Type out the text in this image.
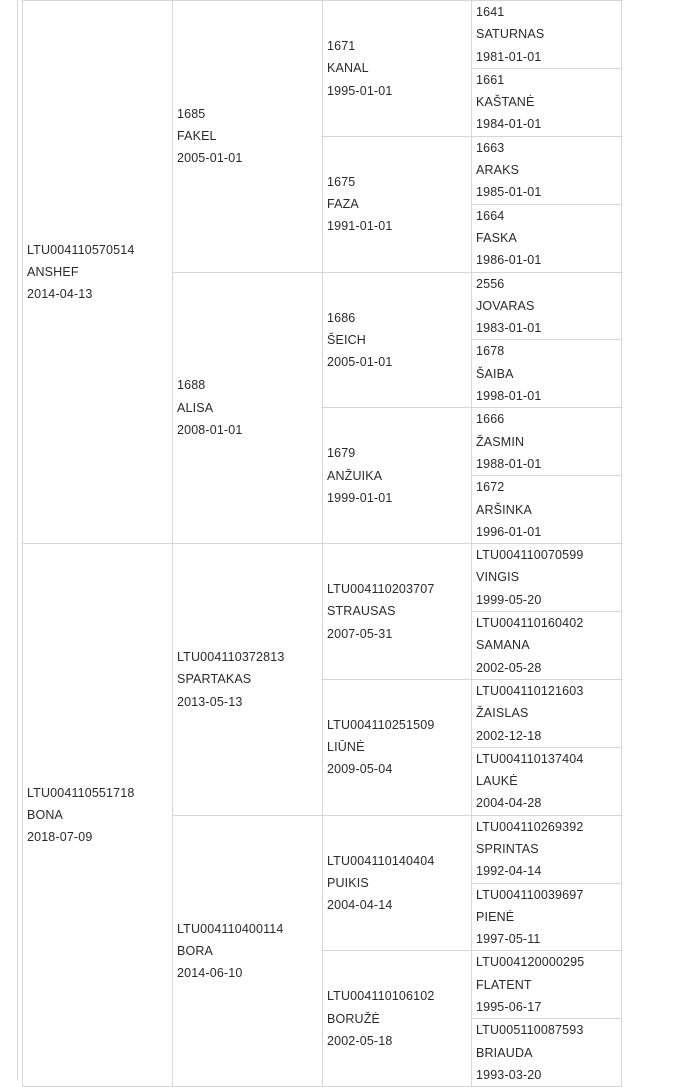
LTU004110570514
ANSHEF
2014-04-13	1685
FAKEL
2005-01-01	1671
KANAL
1995-01-01	1641
SATURNAS
1981-01-01

			1661
KAŠTANĖ
1984-01-01

		1675
FAZA
1991-01-01	1663
ARAKS
1985-01-01

			1664
FASKA
1986-01-01

	1688
ALISA
2008-01-01	1686
ŠEICH
2005-01-01	2556
JOVARAS
1983-01-01

			1678
ŠAIBA
1998-01-01

		1679
ANŽUIKA
1999-01-01	1666
ŽASMIN
1988-01-01

			1672
ARŠINKA
1996-01-01

LTU004110551718
BONA
2018-07-09	LTU004110372813
SPARTAKAS
2013-05-13	LTU004110203707
STRAUSAS
2007-05-31	LTU004110070599
VINGIS
1999-05-20

			LTU004110160402
SAMANA
2002-05-28

		LTU004110251509
LIŪNĖ
2009-05-04	LTU004110121603
ŽAISLAS
2002-12-18

			LTU004110137404
LAUKĖ
2004-04-28

	LTU004110400114
BORA
2014-06-10	LTU004110140404
PUIKIS
2004-04-14	LTU004110269392
SPRINTAS
1992-04-14

			LTU004110039697
PIENĖ
1997-05-11

		LTU004110106102
BORUŽĖ
2002-05-18	LTU004120000295
FLATENT
1995-06-17

			LTU005110087593
BRIAUDA
1993-03-20
